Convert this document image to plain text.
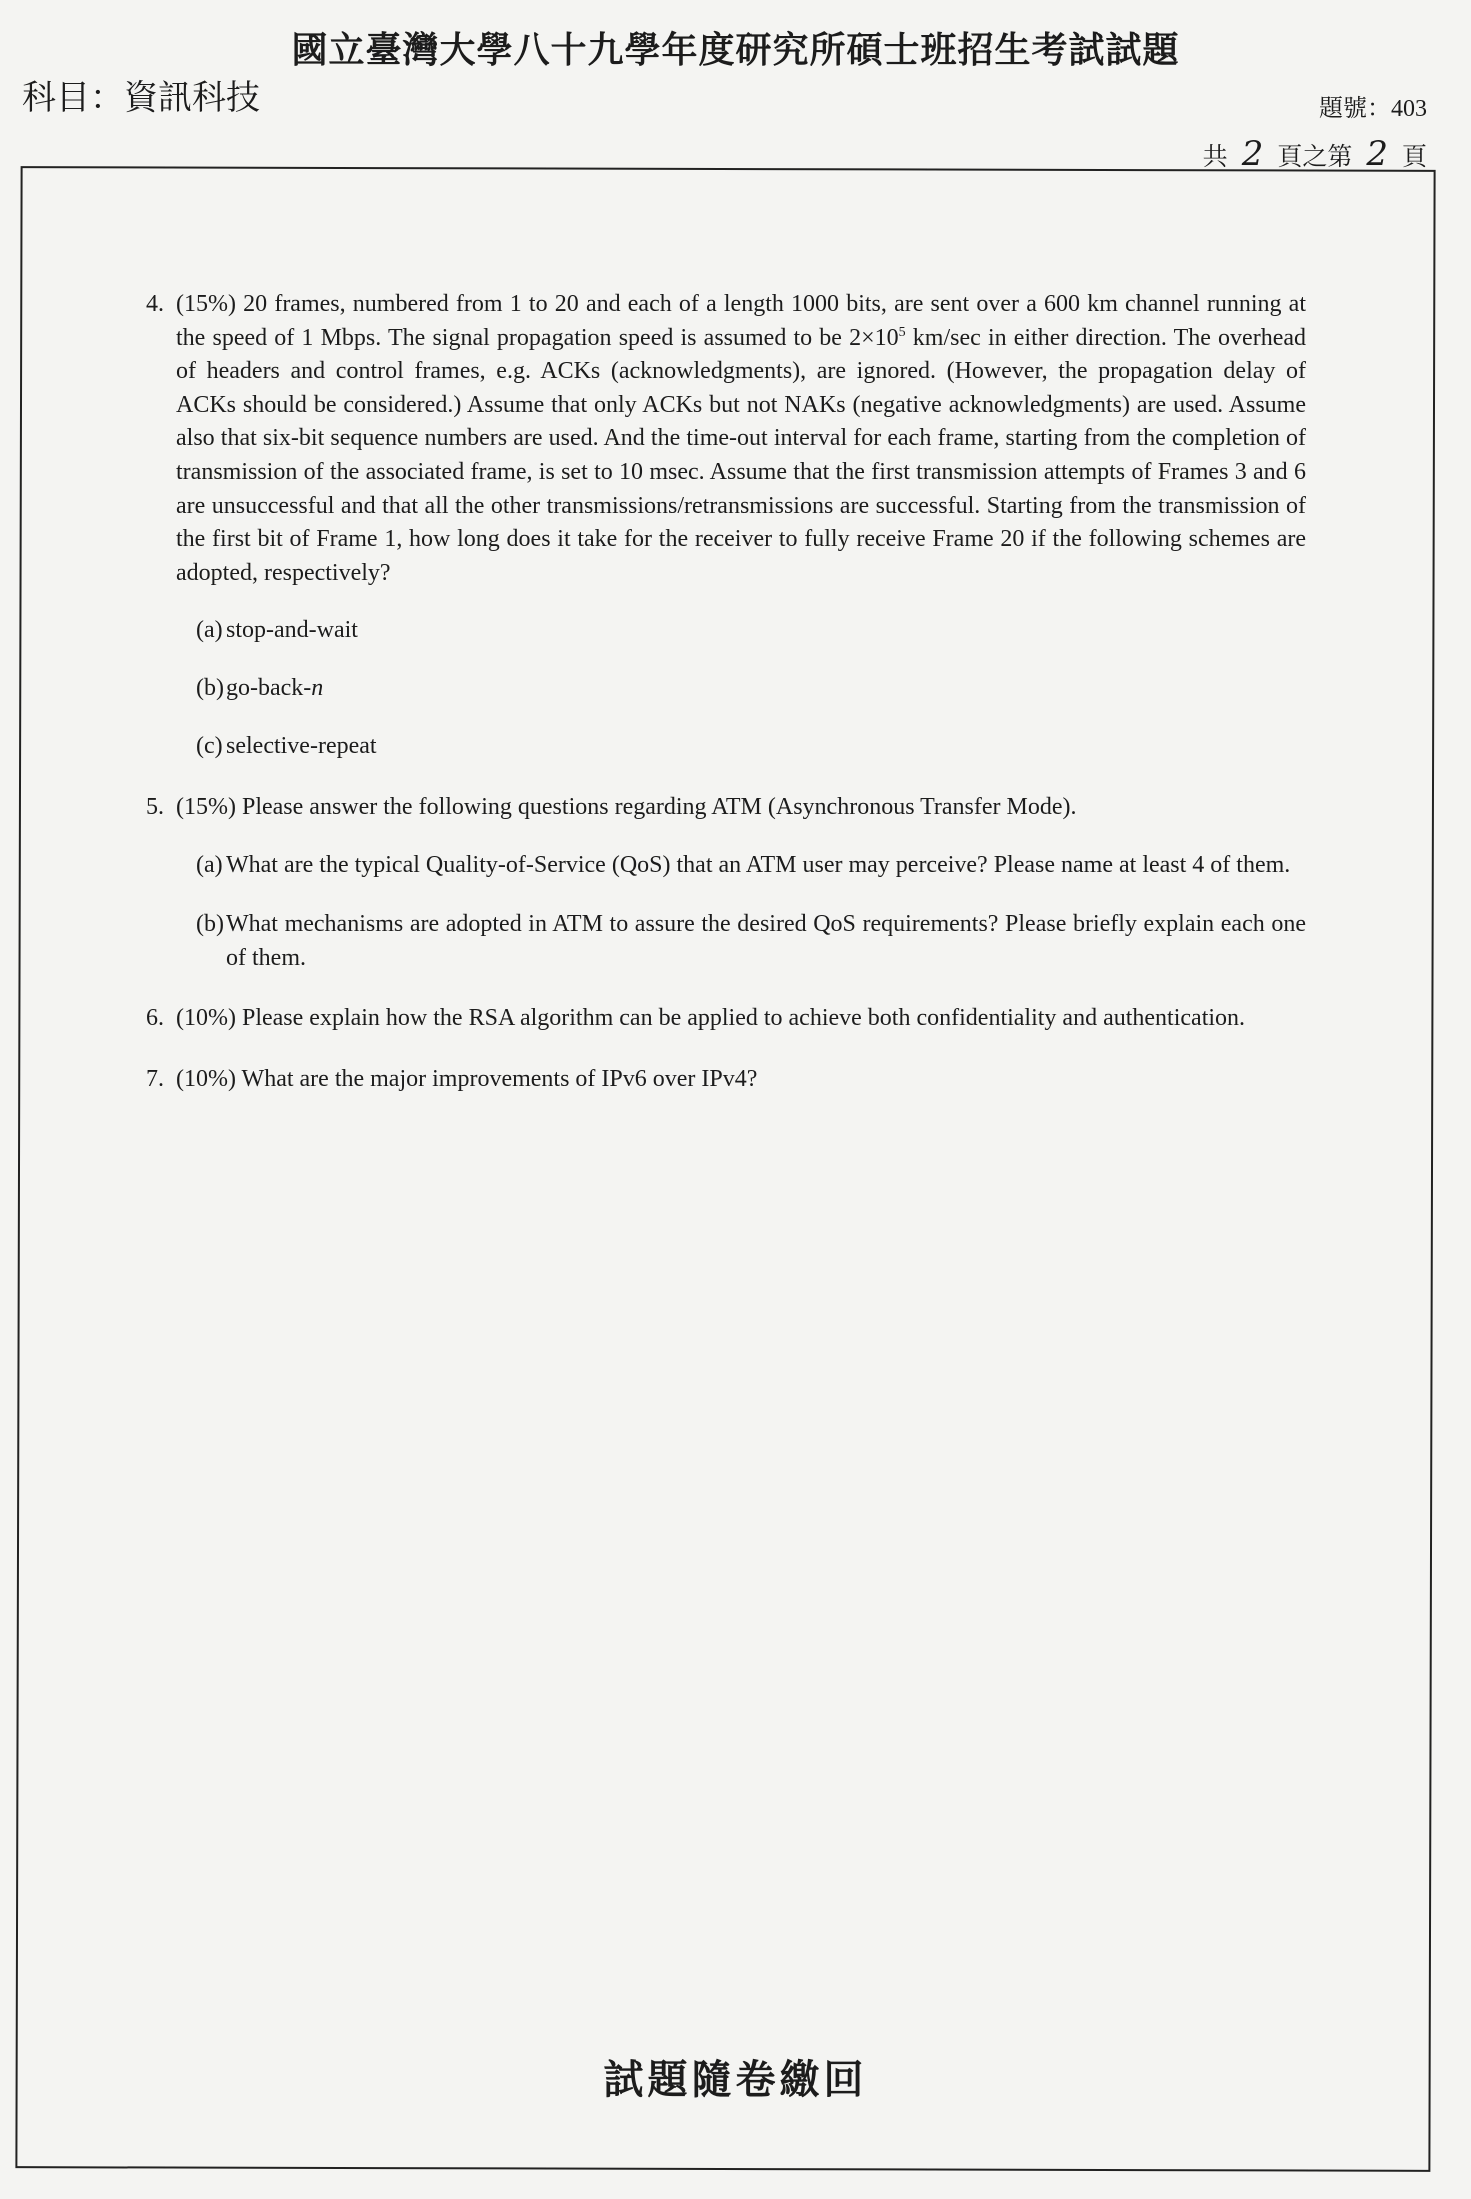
國立臺灣大學八十九學年度研究所碩士班招生考試試題
科目：資訊科技	題號：403
共 2 頁之第 2 頁
4. (15%) 20 frames, numbered from 1 to 20 and each of a length 1000 bits, are sent over a 600 km channel running at the speed of 1 Mbps. The signal propagation speed is assumed to be $2\times 10^5$ km/sec in either direction. The overhead of headers and control frames, e.g. ACKs (acknowledgments), are ignored. (However, the propagation delay of ACKs should be considered.) Assume that only ACKs but not NAKs (negative acknowledgments) are used. Assume also that six-bit sequence numbers are used. And the time-out interval for each frame, starting from the completion of transmission of the associated frame, is set to 10 msec. Assume that the first transmission attempts of Frames 3 and 6 are unsuccessful and that all the other transmissions/retransmissions are successful. Starting from the transmission of the first bit of Frame 1, how long does it take for the receiver to fully receive Frame 20 if the following schemes are adopted, respectively?
(a) stop-and-wait
(b) go-back-n
(c) selective-repeat
5. (15%) Please answer the following questions regarding ATM (Asynchronous Transfer Mode).
(a) What are the typical Quality-of-Service (QoS) that an ATM user may perceive? Please name at least 4 of them.
(b) What mechanisms are adopted in ATM to assure the desired QoS requirements? Please briefly explain each one of them.
6. (10%) Please explain how the RSA algorithm can be applied to achieve both confidentiality and authentication.
7. (10%) What are the major improvements of IPv6 over IPv4?
試題隨卷繳回
